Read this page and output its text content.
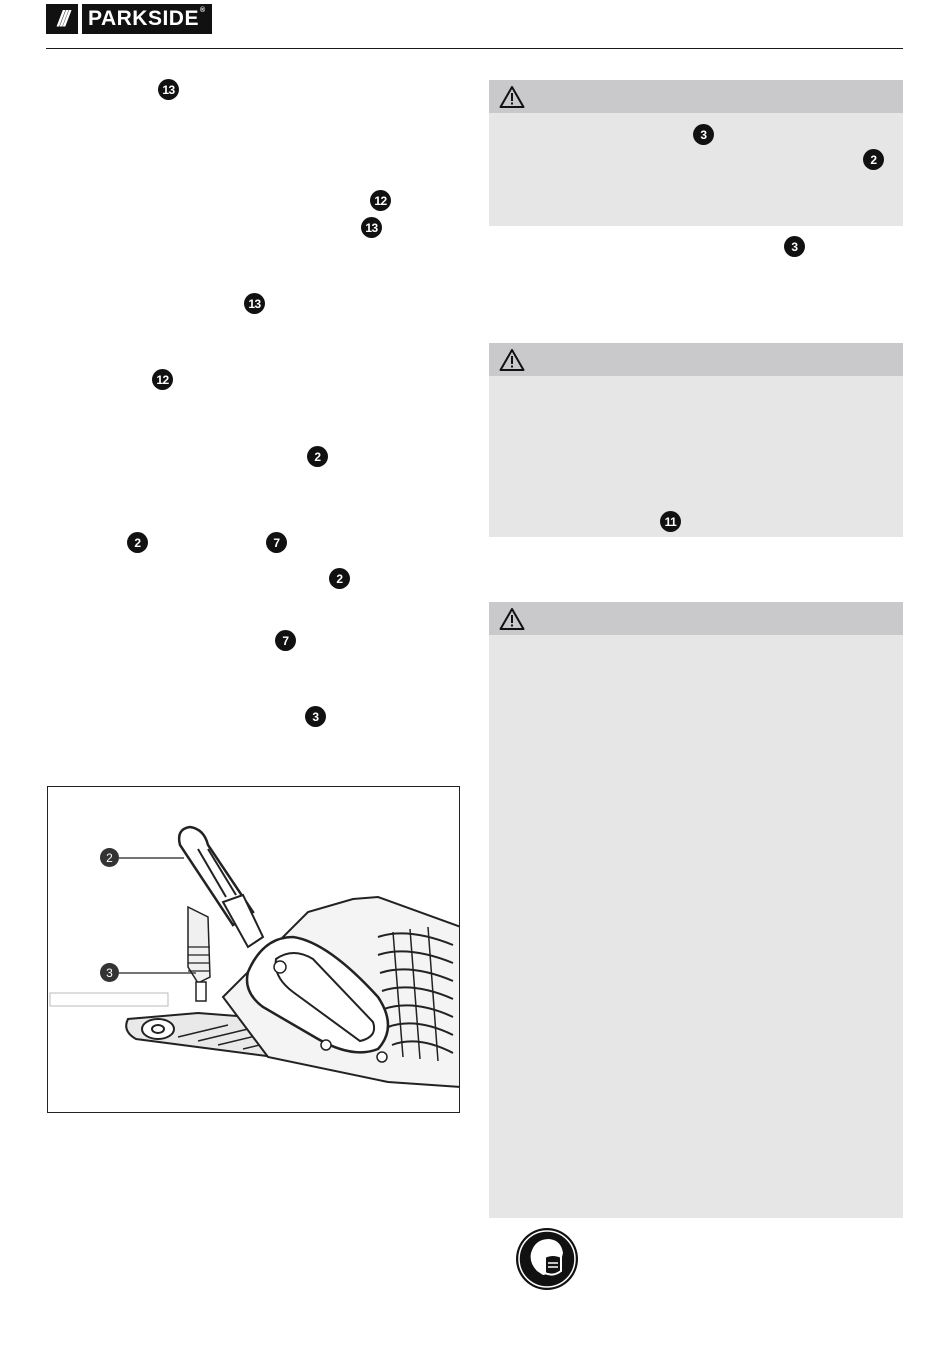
///	PARKSIDE®
13
12
13
13
12
2
2	7
2
7
3
2
3
3
2
3
11
